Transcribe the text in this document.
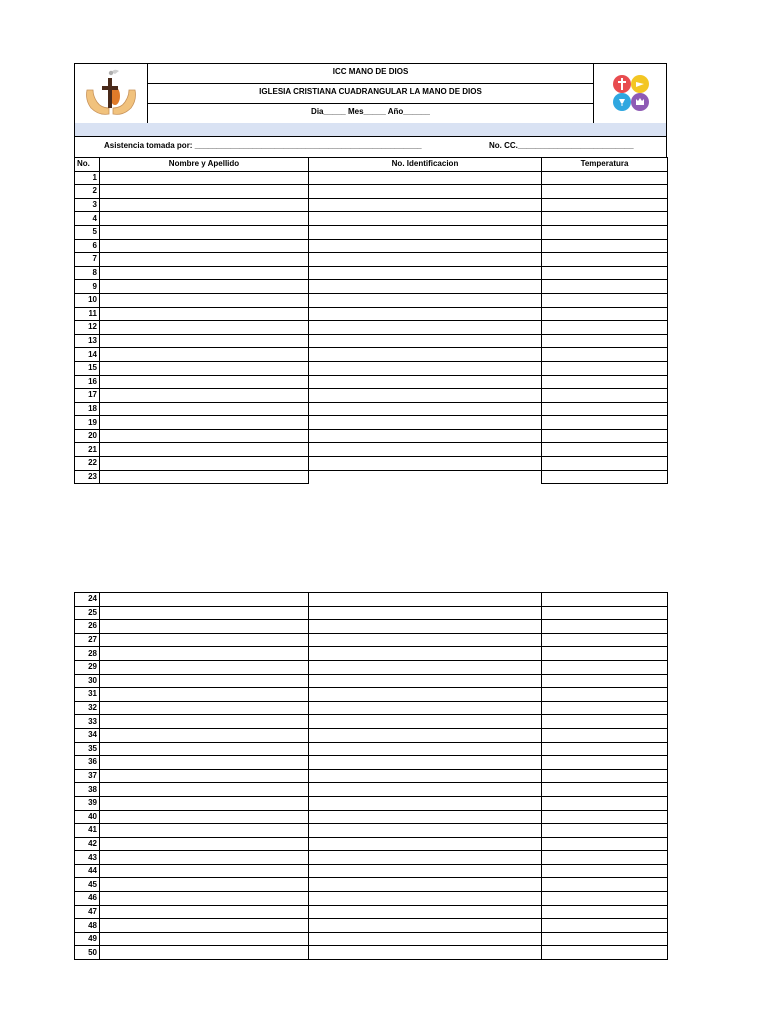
ICC MANO DE DIOS
IGLESIA CRISTIANA CUADRANGULAR LA MANO DE DIOS
Dia_____ Mes_____ Año______
Asistencia tomada por: ___________________________________________________	No. CC.__________________________
No.	Nombre y Apellido	No. Identificacion	Temperatura
1			
2			
3			
4			
5			
6			
7			
8			
9			
10			
11			
12			
13			
14			
15			
16			
17			
18			
19			
20			
21			
22			
23			
24			
25			
26			
27			
28			
29			
30			
31			
32			
33			
34			
35			
36			
37			
38			
39			
40			
41			
42			
43			
44			
45			
46			
47			
48			
49			
50			
